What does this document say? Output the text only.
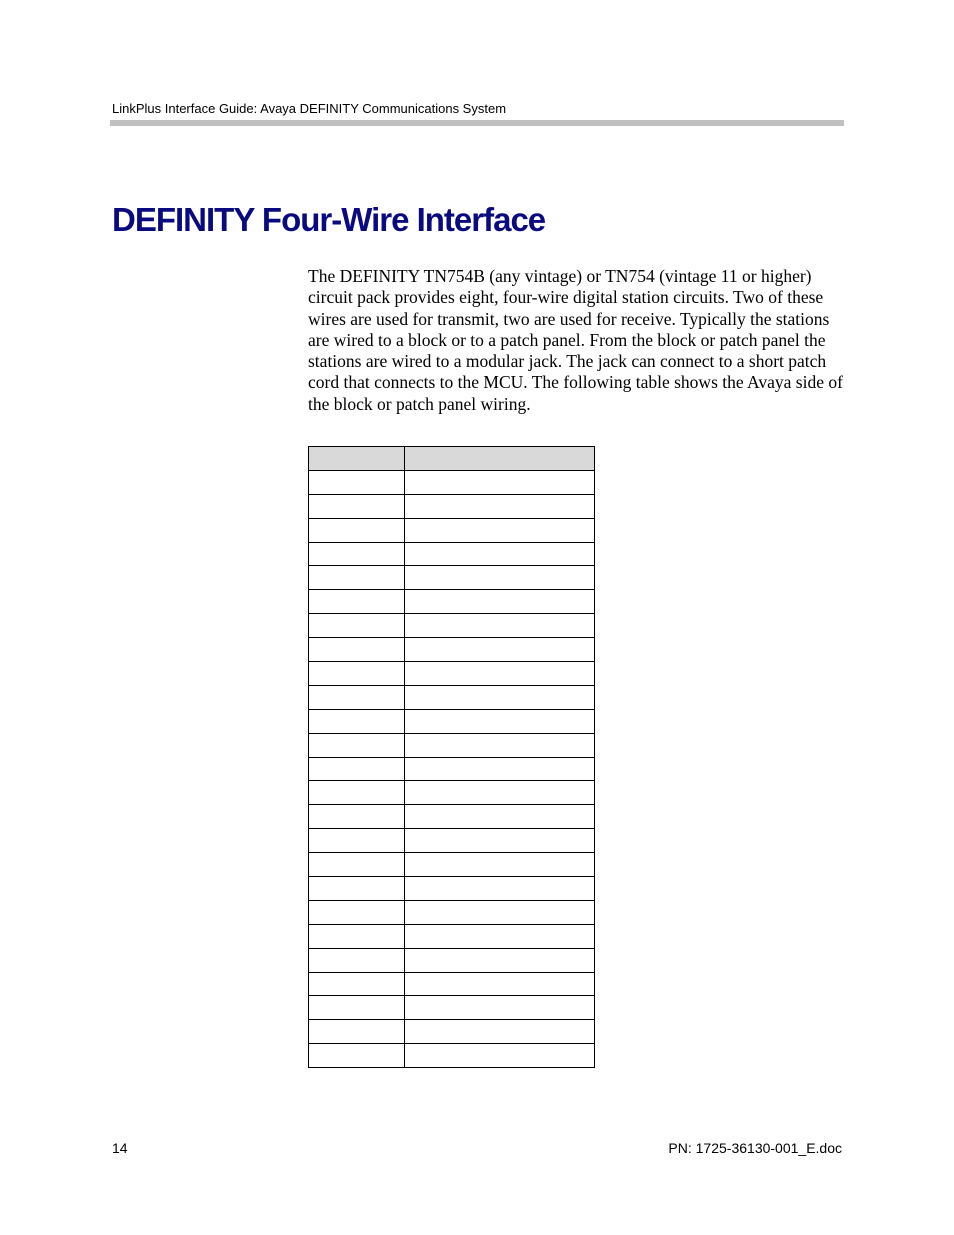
LinkPlus Interface Guide: Avaya DEFINITY Communications System
DEFINITY Four-Wire Interface

The DEFINITY TN754B (any vintage) or TN754 (vintage 11 or higher) circuit pack provides eight, four-wire digital station circuits. Two of these wires are used for transmit, two are used for receive. Typically the stations are wired to a block or to a patch panel. From the block or patch panel the stations are wired to a modular jack. The jack can connect to a short patch cord that connects to the MCU. The following table shows the Avaya side of the block or patch panel wiring.

14	PN: 1725-36130-001_E.doc
